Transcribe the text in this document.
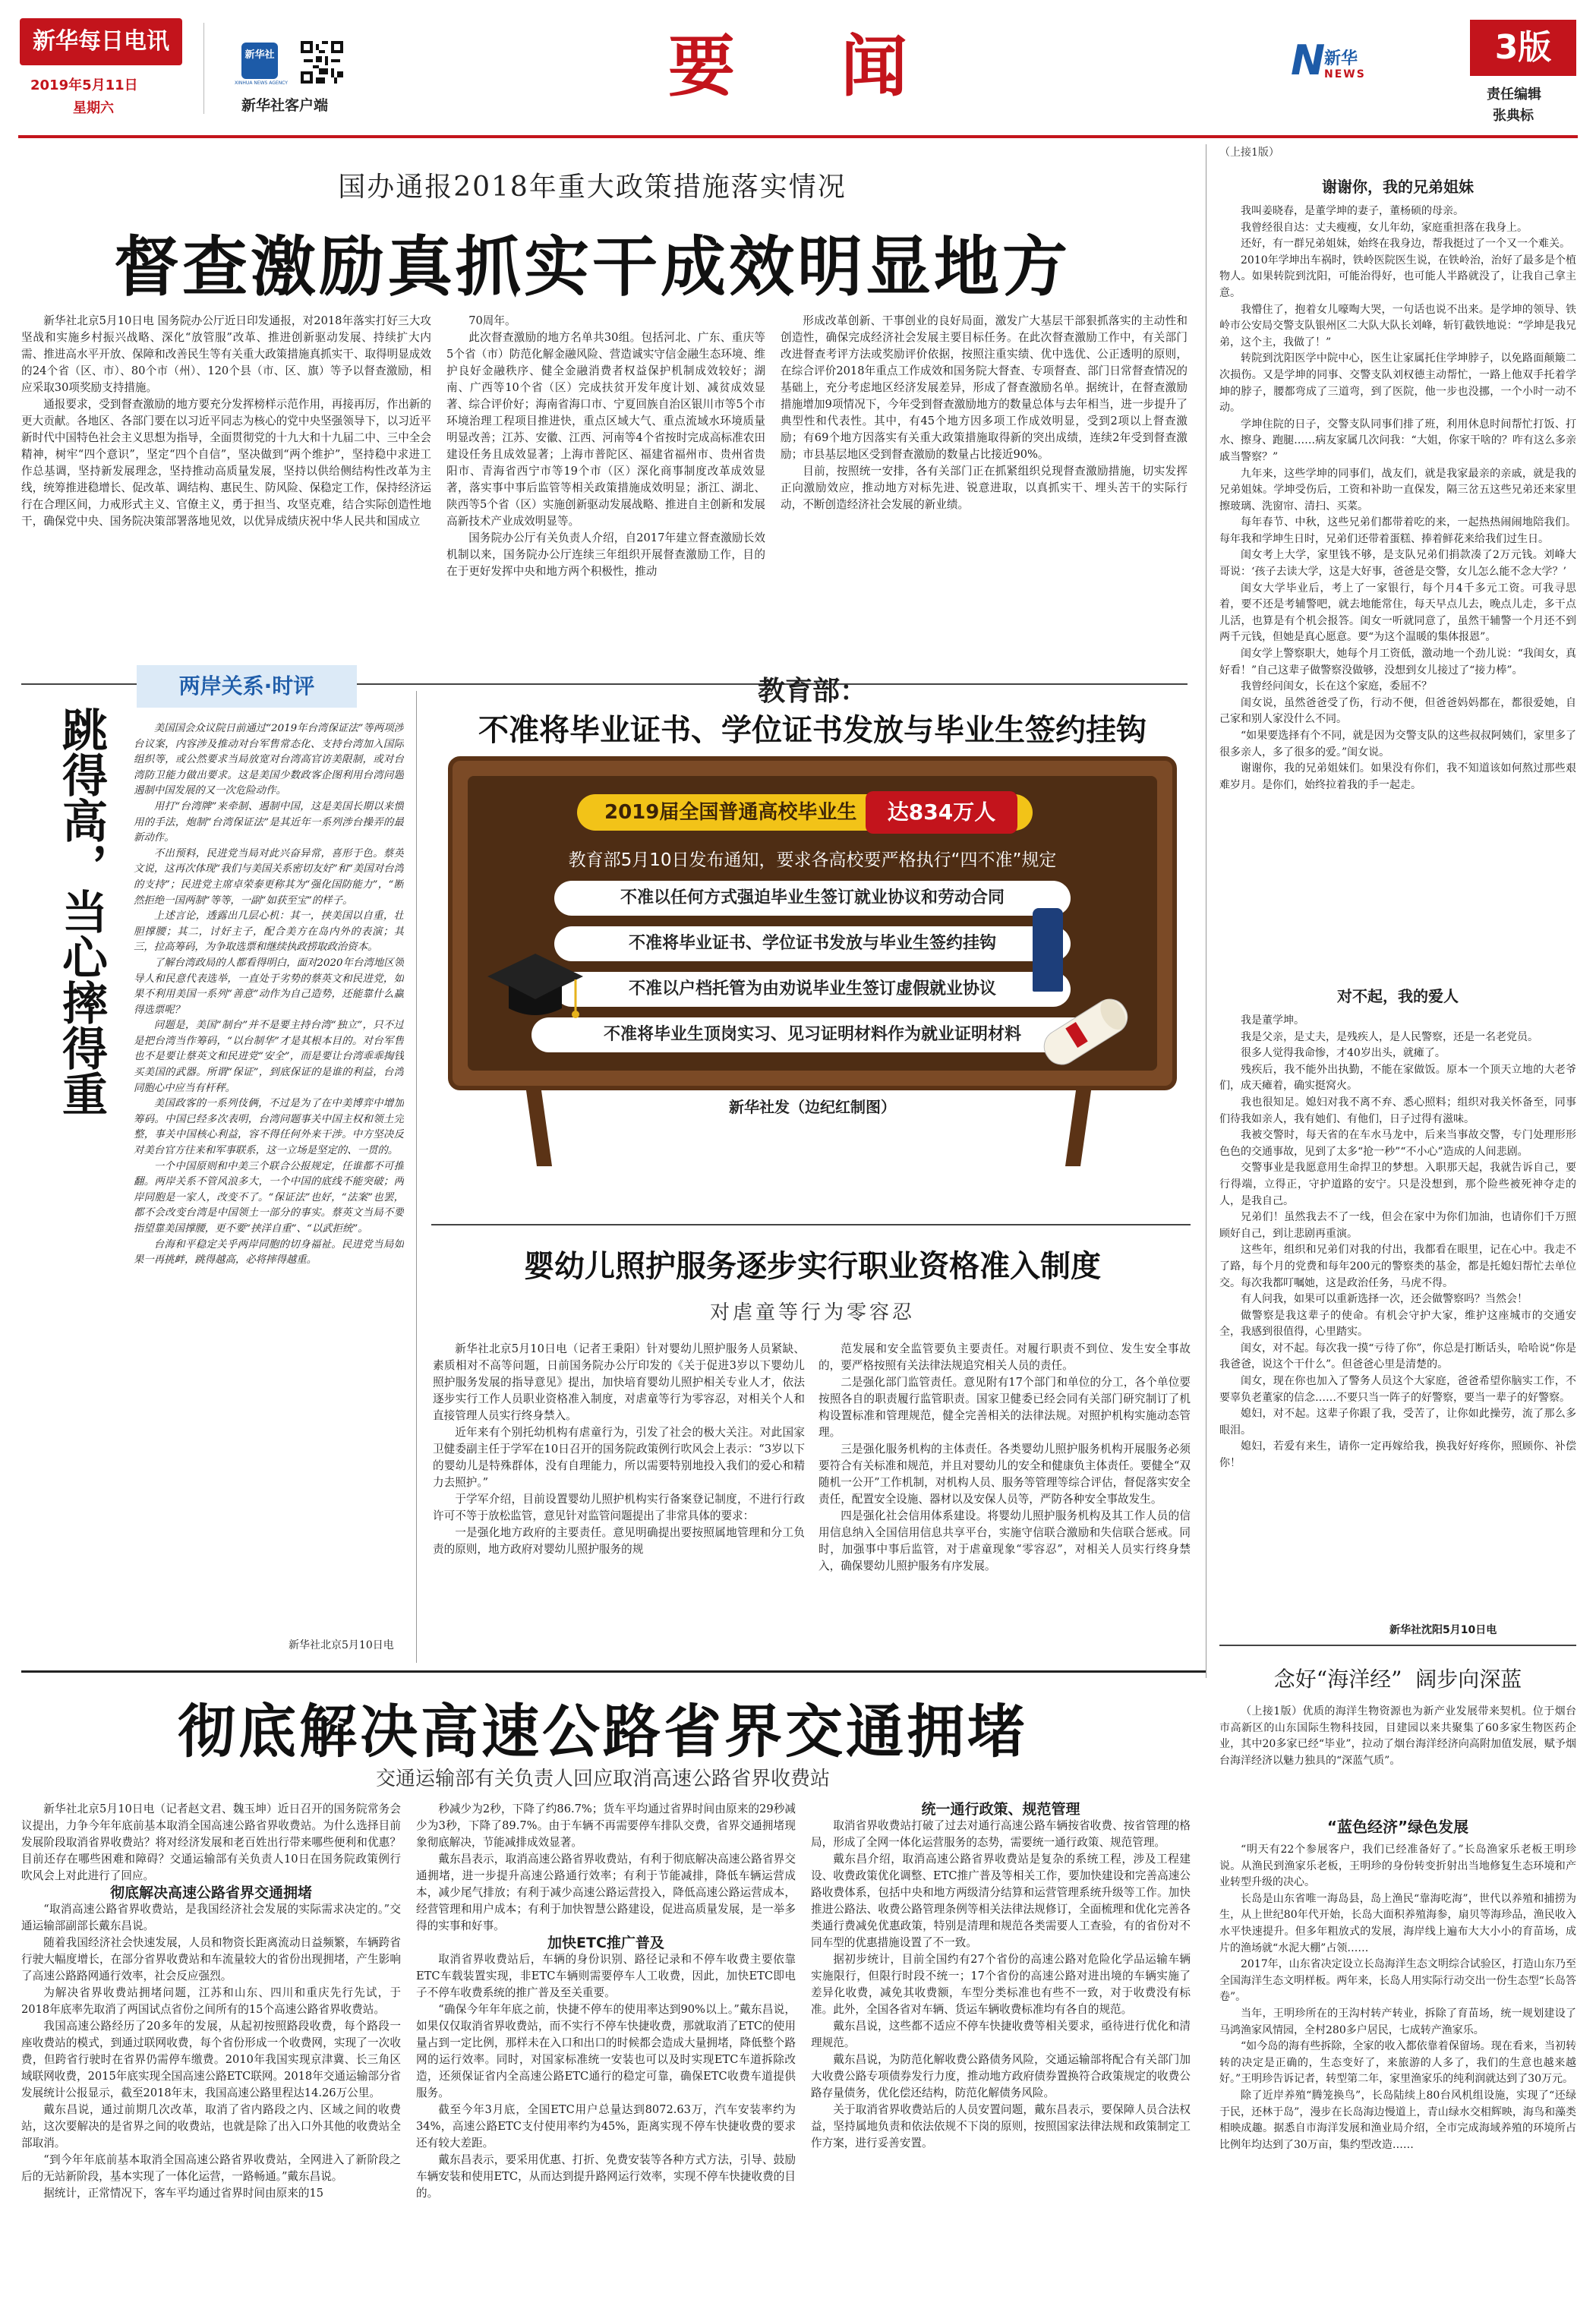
新华每日电讯
2019年5月11日
星期六
新华社
XINHUA NEWS AGENCY
新华社客户端	要  闻	N
新华
NEWS
3版
责任编辑
张典标
国办通报2018年重大政策措施落实情况
督查激励真抓实干成效明显地方

新华社北京5月10日电 国务院办公厅近日印发通报，对2018年落实打好三大攻坚战和实施乡村振兴战略、深化“放管服”改革、推进创新驱动发展、持续扩大内需、推进高水平开放、保障和改善民生等有关重大政策措施真抓实干、取得明显成效的24个省（区、市）、80个市（州）、120个县（市、区、旗）等予以督查激励，相应采取30项奖励支持措施。

通报要求，受到督查激励的地方要充分发挥榜样示范作用，再接再厉，作出新的更大贡献。各地区、各部门要在以习近平同志为核心的党中央坚强领导下，以习近平新时代中国特色社会主义思想为指导，全面贯彻党的十九大和十九届二中、三中全会精神，树牢“四个意识”，坚定“四个自信”，坚决做到“两个维护”，坚持稳中求进工作总基调，坚持新发展理念，坚持推动高质量发展，坚持以供给侧结构性改革为主线，统筹推进稳增长、促改革、调结构、惠民生、防风险、保稳定工作，保持经济运行在合理区间，力戒形式主义、官僚主义，勇于担当、攻坚克难，结合实际创造性地干，确保党中央、国务院决策部署落地见效，以优异成绩庆祝中华人民共和国成立

70周年。

此次督查激励的地方名单共30组。包括河北、广东、重庆等5个省（市）防范化解金融风险、营造诚实守信金融生态环境、维护良好金融秩序、健全金融消费者权益保护机制成效较好；湖南、广西等10个省（区）完成扶贫开发年度计划、减贫成效显著、综合评价好；海南省海口市、宁夏回族自治区银川市等5个市环境治理工程项目推进快，重点区域大气、重点流域水环境质量明显改善；江苏、安徽、江西、河南等4个省按时完成高标准农田建设任务且成效显著；上海市普陀区、福建省福州市、贵州省贵阳市、青海省西宁市等19个市（区）深化商事制度改革成效显著，落实事中事后监管等相关政策措施成效明显；浙江、湖北、陕西等5个省（区）实施创新驱动发展战略、推进自主创新和发展高新技术产业成效明显等。

国务院办公厅有关负责人介绍，自2017年建立督查激励长效机制以来，国务院办公厅连续三年组织开展督查激励工作，目的在于更好发挥中央和地方两个积极性，推动

形成改革创新、干事创业的良好局面，激发广大基层干部狠抓落实的主动性和创造性，确保完成经济社会发展主要目标任务。在此次督查激励工作中，有关部门改进督查考评方法或奖励评价依据，按照注重实绩、优中选优、公正透明的原则，在综合评价2018年重点工作成效和国务院大督查、专项督查、部门日常督查情况的基础上，充分考虑地区经济发展差异，形成了督查激励名单。据统计，在督查激励措施增加9项情况下，今年受到督查激励地方的数量总体与去年相当，进一步提升了典型性和代表性。其中，有45个地方因多项工作成效明显，受到2项以上督查激励；有69个地方因落实有关重大政策措施取得新的突出成绩，连续2年受到督查激励；市县基层地区受到督查激励的数量占比接近90%。

目前，按照统一安排，各有关部门正在抓紧组织兑现督查激励措施，切实发挥正向激励效应，推动地方对标先进、锐意进取，以真抓实干、埋头苦干的实际行动，不断创造经济社会发展的新业绩。

（上接1版）
谢谢你，我的兄弟姐妹

我叫姜晓春，是董学坤的妻子，董杨硕的母亲。

我曾经很自达：丈夫瘦瘦，女儿年幼，家庭重担落在我身上。

还好，有一群兄弟姐妹，始终在我身边，帮我挺过了一个又一个难关。

2010年学坤出车祸时，铁岭医院医生说，在铁岭治，治好了最多是个植物人。如果转院到沈阳，可能治得好，也可能人半路就没了，让我自己拿主意。

我懵住了，抱着女儿嚎啕大哭，一句话也说不出来。是学坤的领导、铁岭市公安局交警支队银州区二大队大队长刘峰，斩钉截铁地说：“学坤是我兄弟，这个主，我做了！”

转院到沈阳医学中院中心，医生让家属托住学坤脖子，以免路面颠簸二次损伤。又是学坤的同事、交警支队刘权德主动帮忙，一路上他双手托着学坤的脖子，腰都弯成了三道弯，到了医院，他一步也没挪，一个小时一动不动。

学坤住院的日子，交警支队同事们排了班，利用休息时间帮忙打饭、打水、擦身、跑腿……病友家属几次问我：“大姐，你家干啥的？咋有这么多亲戚当警察？”

九年来，这些学坤的同事们，战友们，就是我家最亲的亲戚，就是我的兄弟姐妹。学坤受伤后，工资和补助一直保发，隔三岔五这些兄弟还来家里擦玻璃、洗窗帘、清扫、买菜。

每年春节、中秋，这些兄弟们都带着吃的来，一起热热闹闹地陪我们。每年我和学坤生日时，兄弟们还带着蛋糕、捧着鲜花来给我们过生日。

闺女考上大学，家里钱不够，是支队兄弟们捐款凑了2万元钱。刘峰大哥说：‘孩子去读大学，这是大好事，爸爸是交警，女儿怎么能不念大学？’

闺女大学毕业后，考上了一家银行，每个月4千多元工资。可我寻思着，要不还是考辅警吧，就去地能常住，每天早点儿去，晚点儿走，多干点儿活，也算是有个机会报答。闺女一听就同意了，虽然干辅警一个月还不到两千元钱，但她是真心愿意。要“为这个温暖的集体报恩”。

闺女学上警察职大，她每个月工资低，激动地一个劲儿说：“我闺女，真好看！”自己这辈子做警察没做够，没想到女儿接过了“接力棒”。

我曾经问闺女，长在这个家庭，委屈不？

闺女说，虽然爸爸受了伤，行动不便，但爸爸妈妈都在，都很爱她，自己家和别人家没什么不同。

“如果要选择有个不同，就是因为交警支队的这些叔叔阿姨们，家里多了很多亲人，多了很多的爱。”闺女说。

谢谢你，我的兄弟姐妹们。如果没有你们，我不知道该如何熬过那些艰难岁月。是你们，始终拉着我的手一起走。

对不起，我的爱人

我是董学坤。

我是父亲，是丈夫，是残疾人，是人民警察，还是一名老党员。

很多人觉得我命惨，才40岁出头，就瘫了。

残疾后，我不能外出执勤，不能在家做饭。原本一个顶天立地的大老爷们，成天瘫着，确实挺窝火。

我也很知足。媳妇对我不离不弃、悉心照料；组织对我关怀备至，同事们待我如亲人，我有她们、有他们，日子过得有滋味。

我被交警时，每天省的在车水马龙中，后来当事故交警，专门处理形形色色的交通事故，见到了太多“抢一秒”“不小心”造成的人间悲剧。

交警事业是我愿意用生命捍卫的梦想。入职那天起，我就告诉自己，要行得端，立得正，守护道路的安宁。只是没想到，那个险些被死神夺走的人，是我自己。

兄弟们！虽然我去不了一线，但会在家中为你们加油，也请你们千万照顾好自己，到让悲剧再重演。

这些年，组织和兄弟们对我的付出，我都看在眼里，记在心中。我走不了路，每个月的党费和每年200元的警察类的基金，都是托媳妇帮忙去单位交。每次我都叮嘱她，这是政治任务，马虎不得。

有人问我，如果可以重新选择一次，还会做警察吗？当然会！

做警察是我这辈子的使命。有机会守护大家，维护这座城市的交通安全，我感到很值得，心里踏实。

闺女，对不起。每次我一摸“亏待了你”，你总是打断话头，哈哈说“你是我爸爸，说这个干什么”。但爸爸心里是清楚的。

闺女，现在你也加入了警务人员这个大家庭，爸爸希望你脑实工作，不要辜负老董家的信念……不要只当一阵子的好警察，要当一辈子的好警察。

媳妇，对不起。这辈子你跟了我，受苦了，让你如此操劳，流了那么多眼泪。

媳妇，若爱有来生，请你一定再嫁给我，换我好好疼你，照顾你、补偿你！

新华社沈阳5月10日电
念好“海洋经”  阔步向深蓝

（上接1版）优质的海洋生物资源也为新产业发展带来契机。位于烟台市高新区的山东国际生物科技园，目建园以来共聚集了60多家生物医药企业，其中20多家已经“毕业”，拉动了烟台海洋经济向高附加值发展，赋予烟台海洋经济以魅力独具的“深蓝气质”。

“蓝色经济”绿色发展

“明天有22个参展客户，我们已经准备好了。”长岛渔家乐老板王明珍说。从渔民到渔家乐老板，王明珍的身份转变折射出当地修复生态环境和产业转型升级的决心。

长岛是山东省唯一海岛县，岛上渔民“靠海吃海”，世代以养殖和捕捞为生，从上世纪80年代开始，长岛大面积养殖海参，扇贝等海珍品，渔民收入水平快速提升。但多年粗放式的发展，海岸线上遍布大大小小的育苗场，成片的渔场就“水泥大棚”占领……

2017年，山东省决定设立长岛海洋生态文明综合试验区，打造山东乃至全国海洋生态文明样板。两年来，长岛人用实际行动交出一份生态型“长岛答卷”。

当年，王明珍所在的王沟村转产转业，拆除了育苗场，统一规划建设了马鸿渔家风情园，全村280多户居民，七成转产渔家乐。

“如今岛的海有些拆除，全家的收入都依靠着保留场。现在看来，当初转转的决定是正确的，生态变好了，来旅游的人多了，我们的生意也越来越好。”王明珍告诉记者，转型第二年，家里渔家乐的纯利润就达到了30万元。

除了近岸养殖“腾笼换鸟”，长岛陆续上80台风机组设施，实现了“还绿于民，还林于岛”，漫步在长岛海边慢道上，青山绿水交相辉映，海鸟和藻类相映成趣。据悉自市海洋发展和渔业局介绍，全市完成海域养殖的环境所占比例年均达到了30万亩，集约型改造……

两岸关系·时评
跳得高，当心摔得重	美国国会众议院日前通过“2019年台湾保证法”等两项涉台议案，内容涉及推动对台军售常态化、支持台湾加入国际组织等，或公然要求当局放宽对台湾高官访美限制，或对台湾防卫能力做出要求。这是美国少数政客企图利用台湾问题遏制中国发展的又一次危险动作。

用打“台湾牌”来牵制、遏制中国，这是美国长期以来惯用的手法，炮制“台湾保证法”是其近年一系列涉台操弄的最新动作。

不出预料，民进党当局对此兴奋异常，喜形于色。蔡英文说，这再次体现“我们与美国关系密切友好”和“美国对台湾的支持”；民进党主席卓荣泰更称其为“强化国防能力”，“断然拒绝一国两制”等等，一副“如获至宝”的样子。

上述言论，透露出几层心机：其一，挟美国以自重，壮胆撑腰；其二，讨好主子，配合美方在岛内外的表演；其三，拉高筹码，为争取选票和继续执政捞取政治资本。

了解台湾政局的人都看得明白，面对2020年台湾地区领导人和民意代表选举，一直处于劣势的蔡英文和民进党，如果不利用美国一系列“善意”动作为自己造势，还能靠什么赢得选票呢？

问题是，美国“制台”并不是要主持台湾“独立”，只不过是把台湾当作筹码，“以台制华”才是其根本目的。对台军售也不是要让蔡英文和民进党“安全”，而是要让台湾乖乖掏钱买美国的武器。所谓“保证”，到底保证的是谁的利益，台湾同胞心中应当有杆秤。

美国政客的一系列伎俩，不过是为了在中美博弈中增加筹码。中国已经多次表明，台湾问题事关中国主权和领土完整，事关中国核心利益，容不得任何外来干涉。中方坚决反对美台官方往来和军事联系，这一立场是坚定的、一贯的。

一个中国原则和中美三个联合公报规定，任谁都不可推翻。两岸关系不管风浪多大，一个中国的底线不能突破；两岸同胞是一家人，改变不了。“保证法”也好，“法案”也罢，都不会改变台湾是中国领土一部分的事实。蔡英文当局不要指望靠美国撑腰，更不要“挟洋自重”、“以武拒统”。

台海和平稳定关乎两岸同胞的切身福祉。民进党当局如果一再挑衅，跳得越高，必将摔得越重。

新华社北京5月10日电
教育部：
不准将毕业证书、学位证书发放与毕业生签约挂钩
2019届全国普通高校毕业生	达834万人
教育部5月10日发布通知，要求各高校要严格执行“四不准”规定
不准以任何方式强迫毕业生签订就业协议和劳动合同
不准将毕业证书、学位证书发放与毕业生签约挂钩
不准以户档托管为由劝说毕业生签订虚假就业协议
不准将毕业生顶岗实习、见习证明材料作为就业证明材料
新华社发（边纪红制图）
婴幼儿照护服务逐步实行职业资格准入制度
对虐童等行为零容忍

新华社北京5月10日电（记者王秉阳）针对婴幼儿照护服务人员紧缺、素质相对不高等问题，日前国务院办公厅印发的《关于促进3岁以下婴幼儿照护服务发展的指导意见》提出，加快培育婴幼儿照护相关专业人才，依法逐步实行工作人员职业资格准入制度，对虐童等行为零容忍，对相关个人和直接管理人员实行终身禁入。

近年来有个别托幼机构有虐童行为，引发了社会的极大关注。对此国家卫健委副主任于学军在10日召开的国务院政策例行吹风会上表示：“3岁以下的婴幼儿是特殊群体，没有自理能力，所以需要特别地投入我们的爱心和精力去照护。”

于学军介绍，目前设置婴幼儿照护机构实行备案登记制度，不进行行政许可不等于放松监管，意见针对监管问题提出了非常具体的要求：

一是强化地方政府的主要责任。意见明确提出要按照属地管理和分工负责的原则，地方政府对婴幼儿照护服务的规

范发展和安全监管要负主要责任。对履行职责不到位、发生安全事故的，要严格按照有关法律法规追究相关人员的责任。

二是强化部门监管责任。意见附有17个部门和单位的分工，各个单位要按照各自的职责履行监管职责。国家卫健委已经会同有关部门研究制订了机构设置标准和管理规范，健全完善相关的法律法规。对照护机构实施动态管理。

三是强化服务机构的主体责任。各类婴幼儿照护服务机构开展服务必须要符合有关标准和规范，并且对婴幼儿的安全和健康负主体责任。要健全“双随机一公开”工作机制，对机构人员、服务等管理等综合评估，督促落实安全责任，配置安全设施、器材以及安保人员等，严防各种安全事故发生。

四是强化社会信用体系建设。将婴幼儿照护服务机构及其工作人员的信用信息纳入全国信用信息共享平台，实施守信联合激励和失信联合惩戒。同时，加强事中事后监管，对于虐童现象“零容忍”，对相关人员实行终身禁入，确保婴幼儿照护服务有序发展。

彻底解决高速公路省界交通拥堵
交通运输部有关负责人回应取消高速公路省界收费站

新华社北京5月10日电（记者赵文君、魏玉坤）近日召开的国务院常务会议提出，力争今年年底前基本取消全国高速公路省界收费站。为什么选择目前发展阶段取消省界收费站？将对经济发展和老百姓出行带来哪些便利和优惠？目前还存在哪些困难和障碍？交通运输部有关负责人10日在国务院政策例行吹风会上对此进行了回应。

彻底解决高速公路省界交通拥堵

“取消高速公路省界收费站，是我国经济社会发展的实际需求决定的。”交通运输部副部长戴东昌说。

随着我国经济社会快速发展，人员和物资长距离流动日益频繁，车辆跨省行驶大幅度增长，在部分省界收费站和车流量较大的省份出现拥堵，产生影响了高速公路路网通行效率，社会反应强烈。

为解决省界收费站拥堵问题，江苏和山东、四川和重庆先行先试，于2018年底率先取消了两国试点省份之间所有的15个高速公路省界收费站。

我国高速公路经历了20多年的发展，从起初按照路段收费，每个路段一座收费站的模式，到通过联网收费，每个省份形成一个收费网，实现了一次收费，但跨省行驶时在省界仍需停车缴费。2010年我国实现京津冀、长三角区域联网收费，2015年底实现全国高速公路ETC联网。2018年交通运输部分省发展统计公报显示，截至2018年末，我国高速公路里程达14.26万公里。

戴东昌说，通过前期几次改革，取消了省内路段之内、区域之间的收费站，这次要解决的是省界之间的收费站，也就是除了出入口外其他的收费站全部取消。

“到今年年底前基本取消全国高速公路省界收费站，全网进入了新阶段之后的无站新阶段，基本实现了一体化运营，一路畅通。”戴东昌说。

据统计，正常情况下，客车平均通过省界时间由原来的15

秒减少为2秒，下降了约86.7%；货车平均通过省界时间由原来的29秒减少为3秒，下降了89.7%。由于车辆不再需要停车排队交费，省界交通拥堵现象彻底解决，节能减排成效显著。

戴东昌表示，取消高速公路省界收费站，有利于彻底解决高速公路省界交通拥堵，进一步提升高速公路通行效率；有利于节能减排，降低车辆运营成本，减少尾气排放；有利于减少高速公路运营投入，降低高速公路运营成本，经营管理和用户成本；有利于加快智慧公路建设，促进高质量发展，是一举多得的实事和好事。

加快ETC推广普及

取消省界收费站后，车辆的身份识别、路径记录和不停车收费主要依靠ETC车载装置实现，非ETC车辆则需要停车人工收费，因此，加快ETC即电子不停车收费系统的推广普及至关重要。

“确保今年年年底之前，快捷不停车的使用率达到90%以上。”戴东昌说，如果仅仅取消省界收费站，而不实行不停车快捷收费，那就取消了ETC的使用量占到一定比例，那样未在入口和出口的时候都会造成大量拥堵，降低整个路网的运行效率。同时，对国家标准统一安装也可以及时实现ETC车道拆除改造，还须保证省内全高速公路ETC通行的稳定可靠，确保ETC收费车道提供服务。

截至今年3月底，全国ETC用户总量达到8072.63万，汽车安装率约为34%，高速公路ETC支付使用率约为45%，距离实现不停车快捷收费的要求还有较大差距。

戴东昌表示，要采用优惠、打折、免费安装等各种方式方法，引导、鼓励车辆安装和使用ETC，从而达到提升路网运行效率，实现不停车快捷收费的目的。

统一通行政策、规范管理

取消省界收费站打破了过去对通行高速公路车辆按省收费、按省管理的格局，形成了全网一体化运营服务的态势，需要统一通行政策、规范管理。

戴东昌介绍，取消高速公路省界收费站是复杂的系统工程，涉及工程建设、收费政策优化调整、ETC推广普及等相关工作，要加快建设和完善高速公路收费体系，包括中央和地方两级清分结算和运营管理系统升级等工作。加快推进公路法、收费公路管理条例等相关法律法规修订，全面梳理和优化完善各类通行费减免优惠政策，特别是清理和规范各类需要人工查验，有的省份对不同车型的优惠措施设置了不一致。

据初步统计，目前全国约有27个省份的高速公路对危险化学品运输车辆实施限行，但限行时段不统一；17个省份的高速公路对进出境的车辆实施了差异化收费，减免其收费额，车型分类标准也有些不一致，对于收费没有标准。此外，全国各省对车辆、货运车辆收费标准均有各自的规范。

戴东昌说，这些都不适应不停车快捷收费等相关要求，亟待进行优化和清理规范。

戴东昌说，为防范化解收费公路债务风险，交通运输部将配合有关部门加大收费公路专项债券发行力度，推动地方政府债券置换符合政策规定的收费公路存量债务，优化偿还结构，防范化解债务风险。

关于取消省界收费站后的人员安置问题，戴东昌表示，要保障人员合法权益，坚持属地负责和依法依规不下岗的原则，按照国家法律法规和政策制定工作方案，进行妥善安置。
